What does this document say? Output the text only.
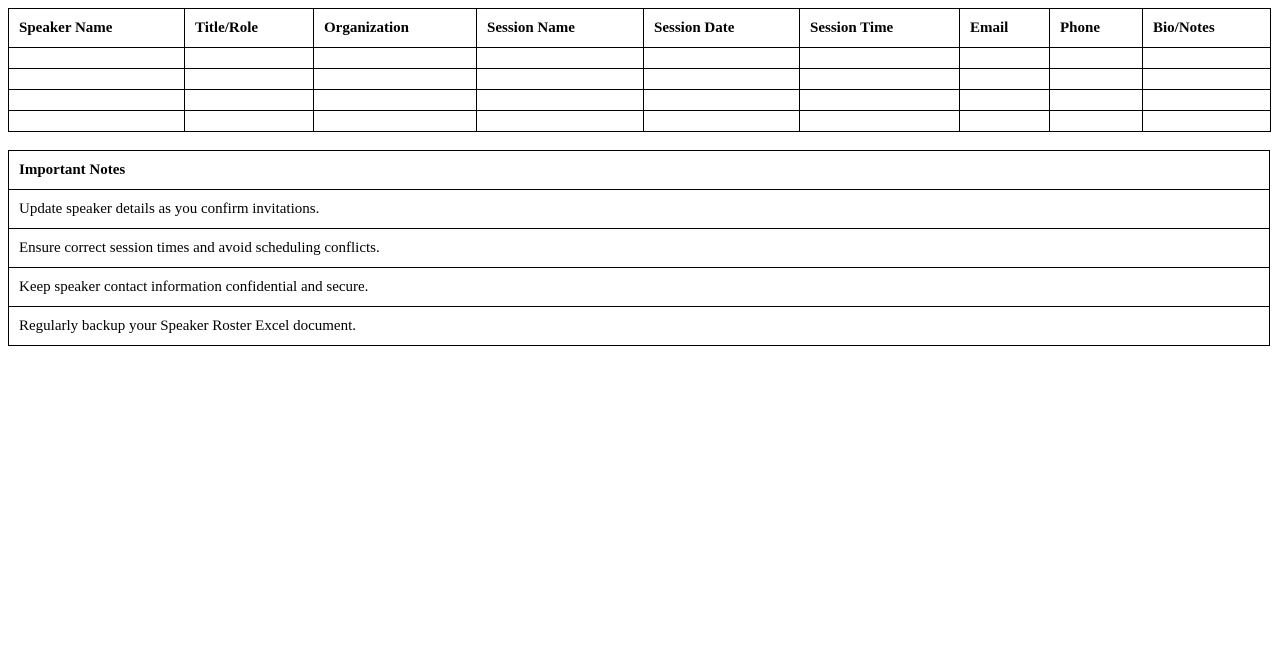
Speaker Name	Title/Role	Organization	Session Name	Session Date	Session Time	Email	Phone	Bio/Notes

Important Notes
Update speaker details as you confirm invitations.
Ensure correct session times and avoid scheduling conflicts.
Keep speaker contact information confidential and secure.
Regularly backup your Speaker Roster Excel document.
